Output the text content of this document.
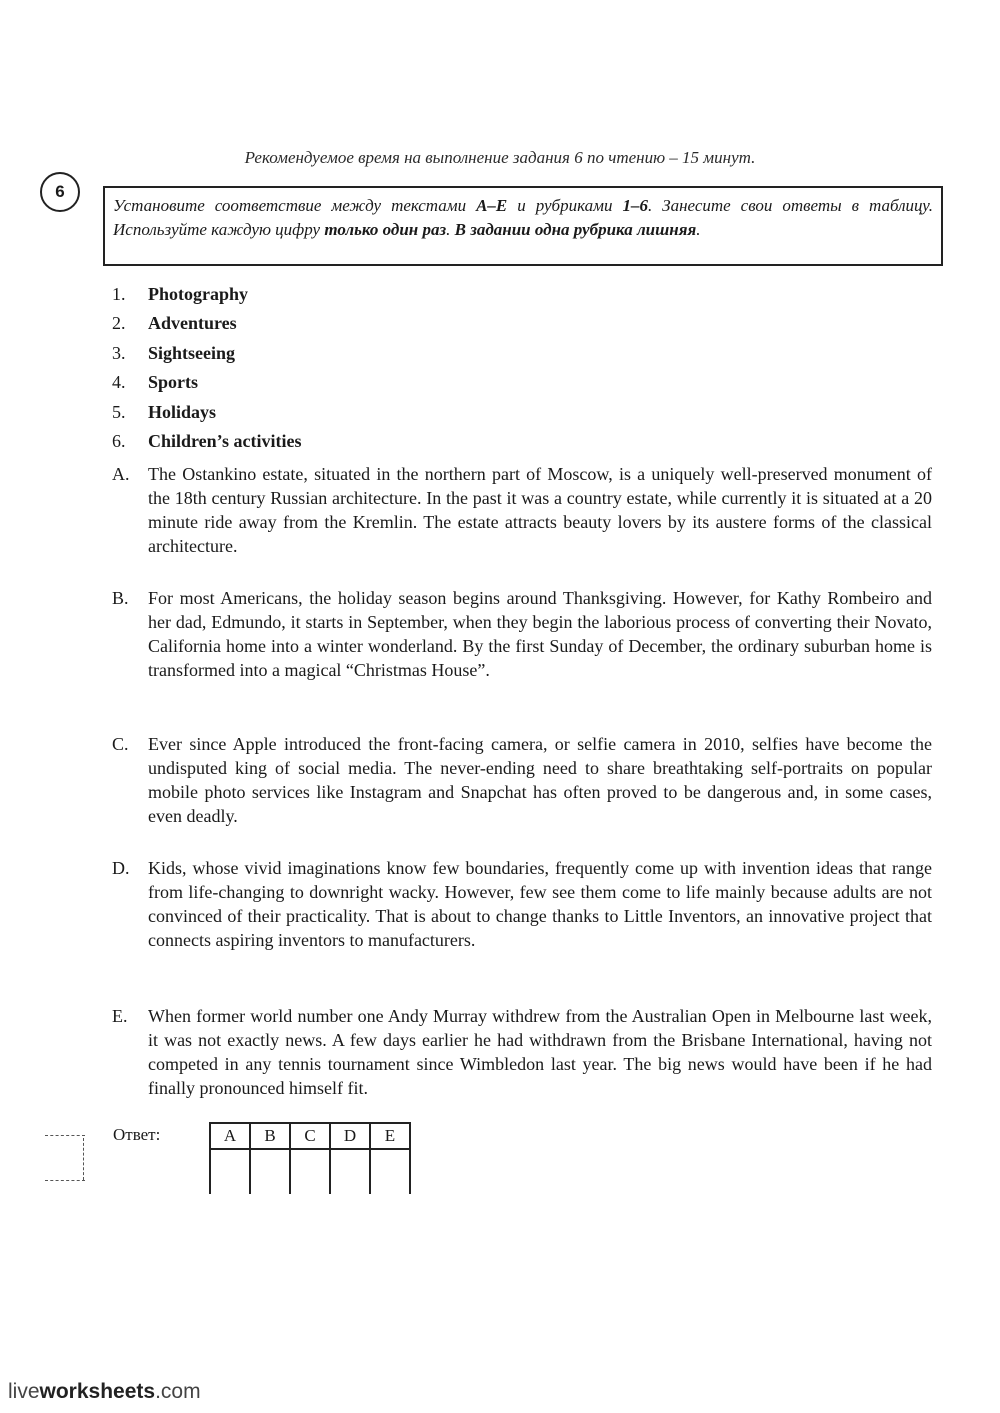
Рекомендуемое время на выполнение задания 6 по чтению – 15 минут.
6
Установите соответствие между текстами A–E и рубриками 1–6. Занесите свои ответы в таблицу. Используйте каждую цифру только один раз. В задании одна рубрика лишняя.
1.	Photography
2.	Adventures
3.	Sightseeing
4.	Sports
5.	Holidays
6.	Children’s activities
A.	The Ostankino estate, situated in the northern part of Moscow, is a uniquely well-preserved monument of the 18th century Russian architecture. In the past it was a country estate, while currently it is situated at a 20 minute ride away from the Kremlin. The estate attracts beauty lovers by its austere forms of the classical architecture.
B.	For most Americans, the holiday season begins around Thanksgiving. However, for Kathy Rombeiro and her dad, Edmundo, it starts in September, when they begin the laborious process of converting their Novato, California home into a winter wonderland. By the first Sunday of December, the ordinary suburban home is transformed into a magical “Christmas House”.
C.	Ever since Apple introduced the front-facing camera, or selfie camera in 2010, selfies have become the undisputed king of social media. The never-ending need to share breathtaking self-portraits on popular mobile photo services like Instagram and Snapchat has often proved to be dangerous and, in some cases, even deadly.
D.	Kids, whose vivid imaginations know few boundaries, frequently come up with invention ideas that range from life-changing to downright wacky. However, few see them come to life mainly because adults are not convinced of their practicality. That is about to change thanks to Little Inventors, an innovative project that connects aspiring inventors to manufacturers.
E.	When former world number one Andy Murray withdrew from the Australian Open in Melbourne last week, it was not exactly news. A few days earlier he had withdrawn from the Brisbane International, having not competed in any tennis tournament since Wimbledon last year. The big news would have been if he had finally pronounced himself fit.
Ответ:	A	B	C	D	E

liveworksheets.com
